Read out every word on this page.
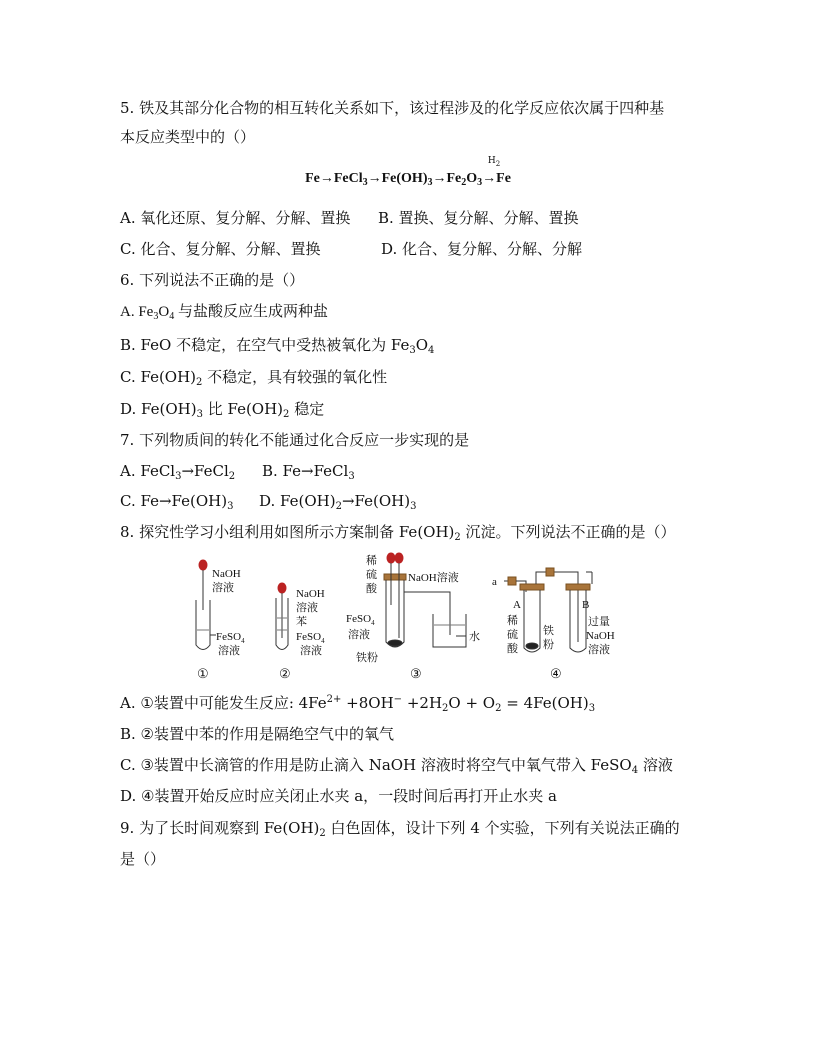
5. 铁及其部分化合物的相互转化关系如下，该过程涉及的化学反应依次属于四种基
本反应类型中的（）
$H_2$
$Fe\to FeCl_3\to Fe(OH)_3\to Fe_2O_3\to Fe$
A. 氧化还原、复分解、分解、置换 B. 置换、复分解、分解、置换
C. 化合、复分解、分解、置换	D. 化合、复分解、分解、分解
6. 下列说法不正确的是（）
A. $Fe_3O_4$ 与盐酸反应生成两种盐
B. FeO 不稳定，在空气中受热被氧化为 $Fe_3O_4$
C. $Fe(OH)_2$ 不稳定，具有较强的氧化性
D. $Fe(OH)_3$ 比 $Fe(OH)_2$ 稳定
7. 下列物质间的转化不能通过化合反应一步实现的是
A. FeCl$_3$→FeCl$_2$ B. Fe→FeCl$_3$
C. $Fe\to Fe(OH)_3$ D. $Fe(OH)_2\to Fe(OH)_3$
8. 探究性学习小组利用如图所示方案制备 $Fe(OH)_2$ 沉淀。下列说法不正确的是（）
NaOH
溶液
FeSO$_4$
溶液
①
NaOH
溶液
苯
FeSO$_4$
溶液
②
稀
硫
酸
NaOH溶液
FeSO$_4$
溶液
铁粉
水
③
a
A	B
稀
硫
酸
铁
粉
过量
NaOH
溶液
④
A. ①装置中可能发生反应: $4Fe^{2+} +8OH^- +2H_2O + O_2 = 4Fe(OH)_3$
B. ②装置中苯的作用是隔绝空气中的氧气
C. ③装置中长滴管的作用是防止滴入 NaOH 溶液时将空气中氧气带入 FeSO$_4$ 溶液
D. ④装置开始反应时应关闭止水夹 a，一段时间后再打开止水夹 a
9. 为了长时间观察到 $Fe(OH)_2$ 白色固体，设计下列 4 个实验，下列有关说法正确的
是（）
